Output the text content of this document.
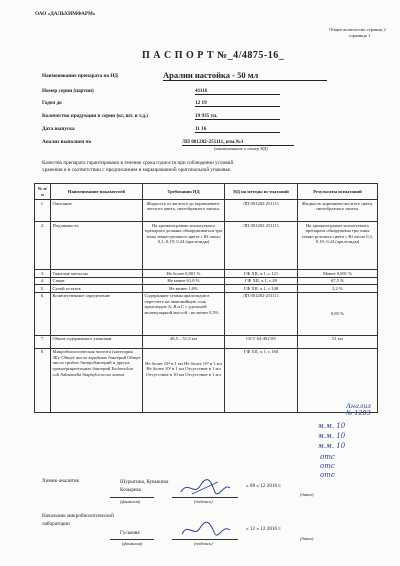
ОАО «ДАЛЬХИМФАРМ»
Общее количество страниц 2
страница 1
П А С П О Р Т №_4/4875-16_
Наименование препарата по НД	Аралии настойка - 50 мл
Номер серии (партии)	41116
Годен до	12 19
Количество продукции в серии (кг, шт. и т.д.)	19 935 уп.
Дата выпуска	11 16
Анализ выполнен по	ЛП 001282-251111, изм.№1
(наименование и номер НД)
Качество препарата гарантировано в течение срока годности при соблюдении условий
хранения и в соответствии с предписанием в маркированной оригинальной упаковке.
№ п/п	Наименование показателей	Требования НД	НД на методы ис-пытаний	Результаты испытаний
1.	Описание	Жидкость от желтого до коричневато-желтого цвета, своеобразного запаха.	ЛП 001282-251111	Жидкость коричнево-желтого цвета, своеобразного запаха.
2.	Подлинность	На хроматограмме испытуемого препарата должны обнаруживаться три зоны темно-розового цвета с Rf около 0,1; 0,19; 0,24 (аралозиды)	ЛП 001282-251111	На хроматограмме испытуемого препарата обнаружены три зоны темно-розового цвета с Rf около 0,1; 0,19; 0,24 (аралозиды)
3.	Тяжелые металлы	Не более 0,001 %	ГФ XII, ч.1, с.121	Менее 0,001 %
4.	Спирт	Не менее 61,0 %	ГФ XII, ч.1, с.49	67,5 %
5.	Сухой остаток	Не менее 1,0%	ГФ XII, ч.1, с.148	2,2 %
6.	Количественное определение	Содержание суммы аралозидов в пересчете на аммонийную соль аралозидов А, В и С с удельной молекулярной массой - не менее 0,5%	ЛП 001282-251111	0,85 %
7.	Объем содержимого упаковки	48,5 – 51,5 мл	ОСТ 64-492-85	51 мл
8.	Микробиологическая чистота (категория 3Б): Общее число аэробных бактерий Общее число грибов Энтеробактерий и других грамотрицательных бактерий Escherichia coli Salmonella Staphylococcus aureus	Не более 10⁴ в 1 мл Не более 10² в 1 мл Не более 10² в 1 мл Отсутствие в 1 мл Отсутствие в 10 мл Отсутствие в 1 мл	ГФ XII, ч.1, с.160	
Анализ № 1203
м.м. 10
м.м. 10
м.м. 10
отс
отс
отс
Химик-аналитик	Шурыгина, Кувыкина
Козырева
(фамилия)	(подпись)
« 08 » 12 2016 г.
(дата)
Начальник микробиологической
лаборатории
Гуськова
(фамилия)	(подпись)
« 12 » 12 2016 г.
(дата)
